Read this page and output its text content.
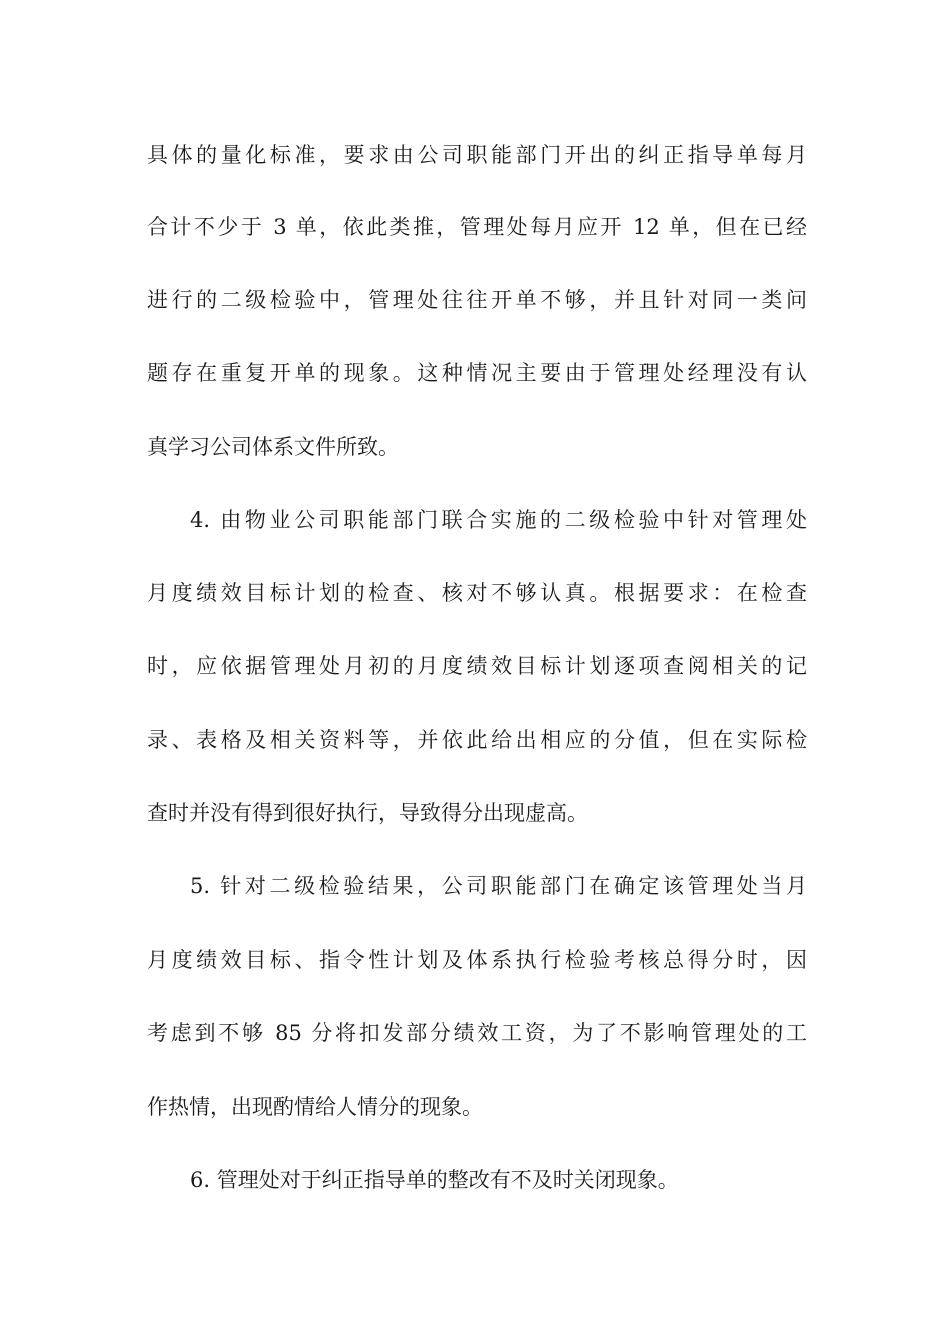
具体的量化标准，要求由公司职能部门开出的纠正指导单每月
合计不少于 3 单，依此类推，管理处每月应开 12 单，但在已经
进行的二级检验中，管理处往往开单不够，并且针对同一类问
题存在重复开单的现象。这种情况主要由于管理处经理没有认
真学习公司体系文件所致。
4. 由物业公司职能部门联合实施的二级检验中针对管理处
月度绩效目标计划的检查、核对不够认真。根据要求：在检查
时，应依据管理处月初的月度绩效目标计划逐项查阅相关的记
录、表格及相关资料等，并依此给出相应的分值，但在实际检
查时并没有得到很好执行，导致得分出现虚高。
5. 针对二级检验结果，公司职能部门在确定该管理处当月
月度绩效目标、指令性计划及体系执行检验考核总得分时，因
考虑到不够 85 分将扣发部分绩效工资，为了不影响管理处的工
作热情，出现酌情给人情分的现象。
6. 管理处对于纠正指导单的整改有不及时关闭现象。
